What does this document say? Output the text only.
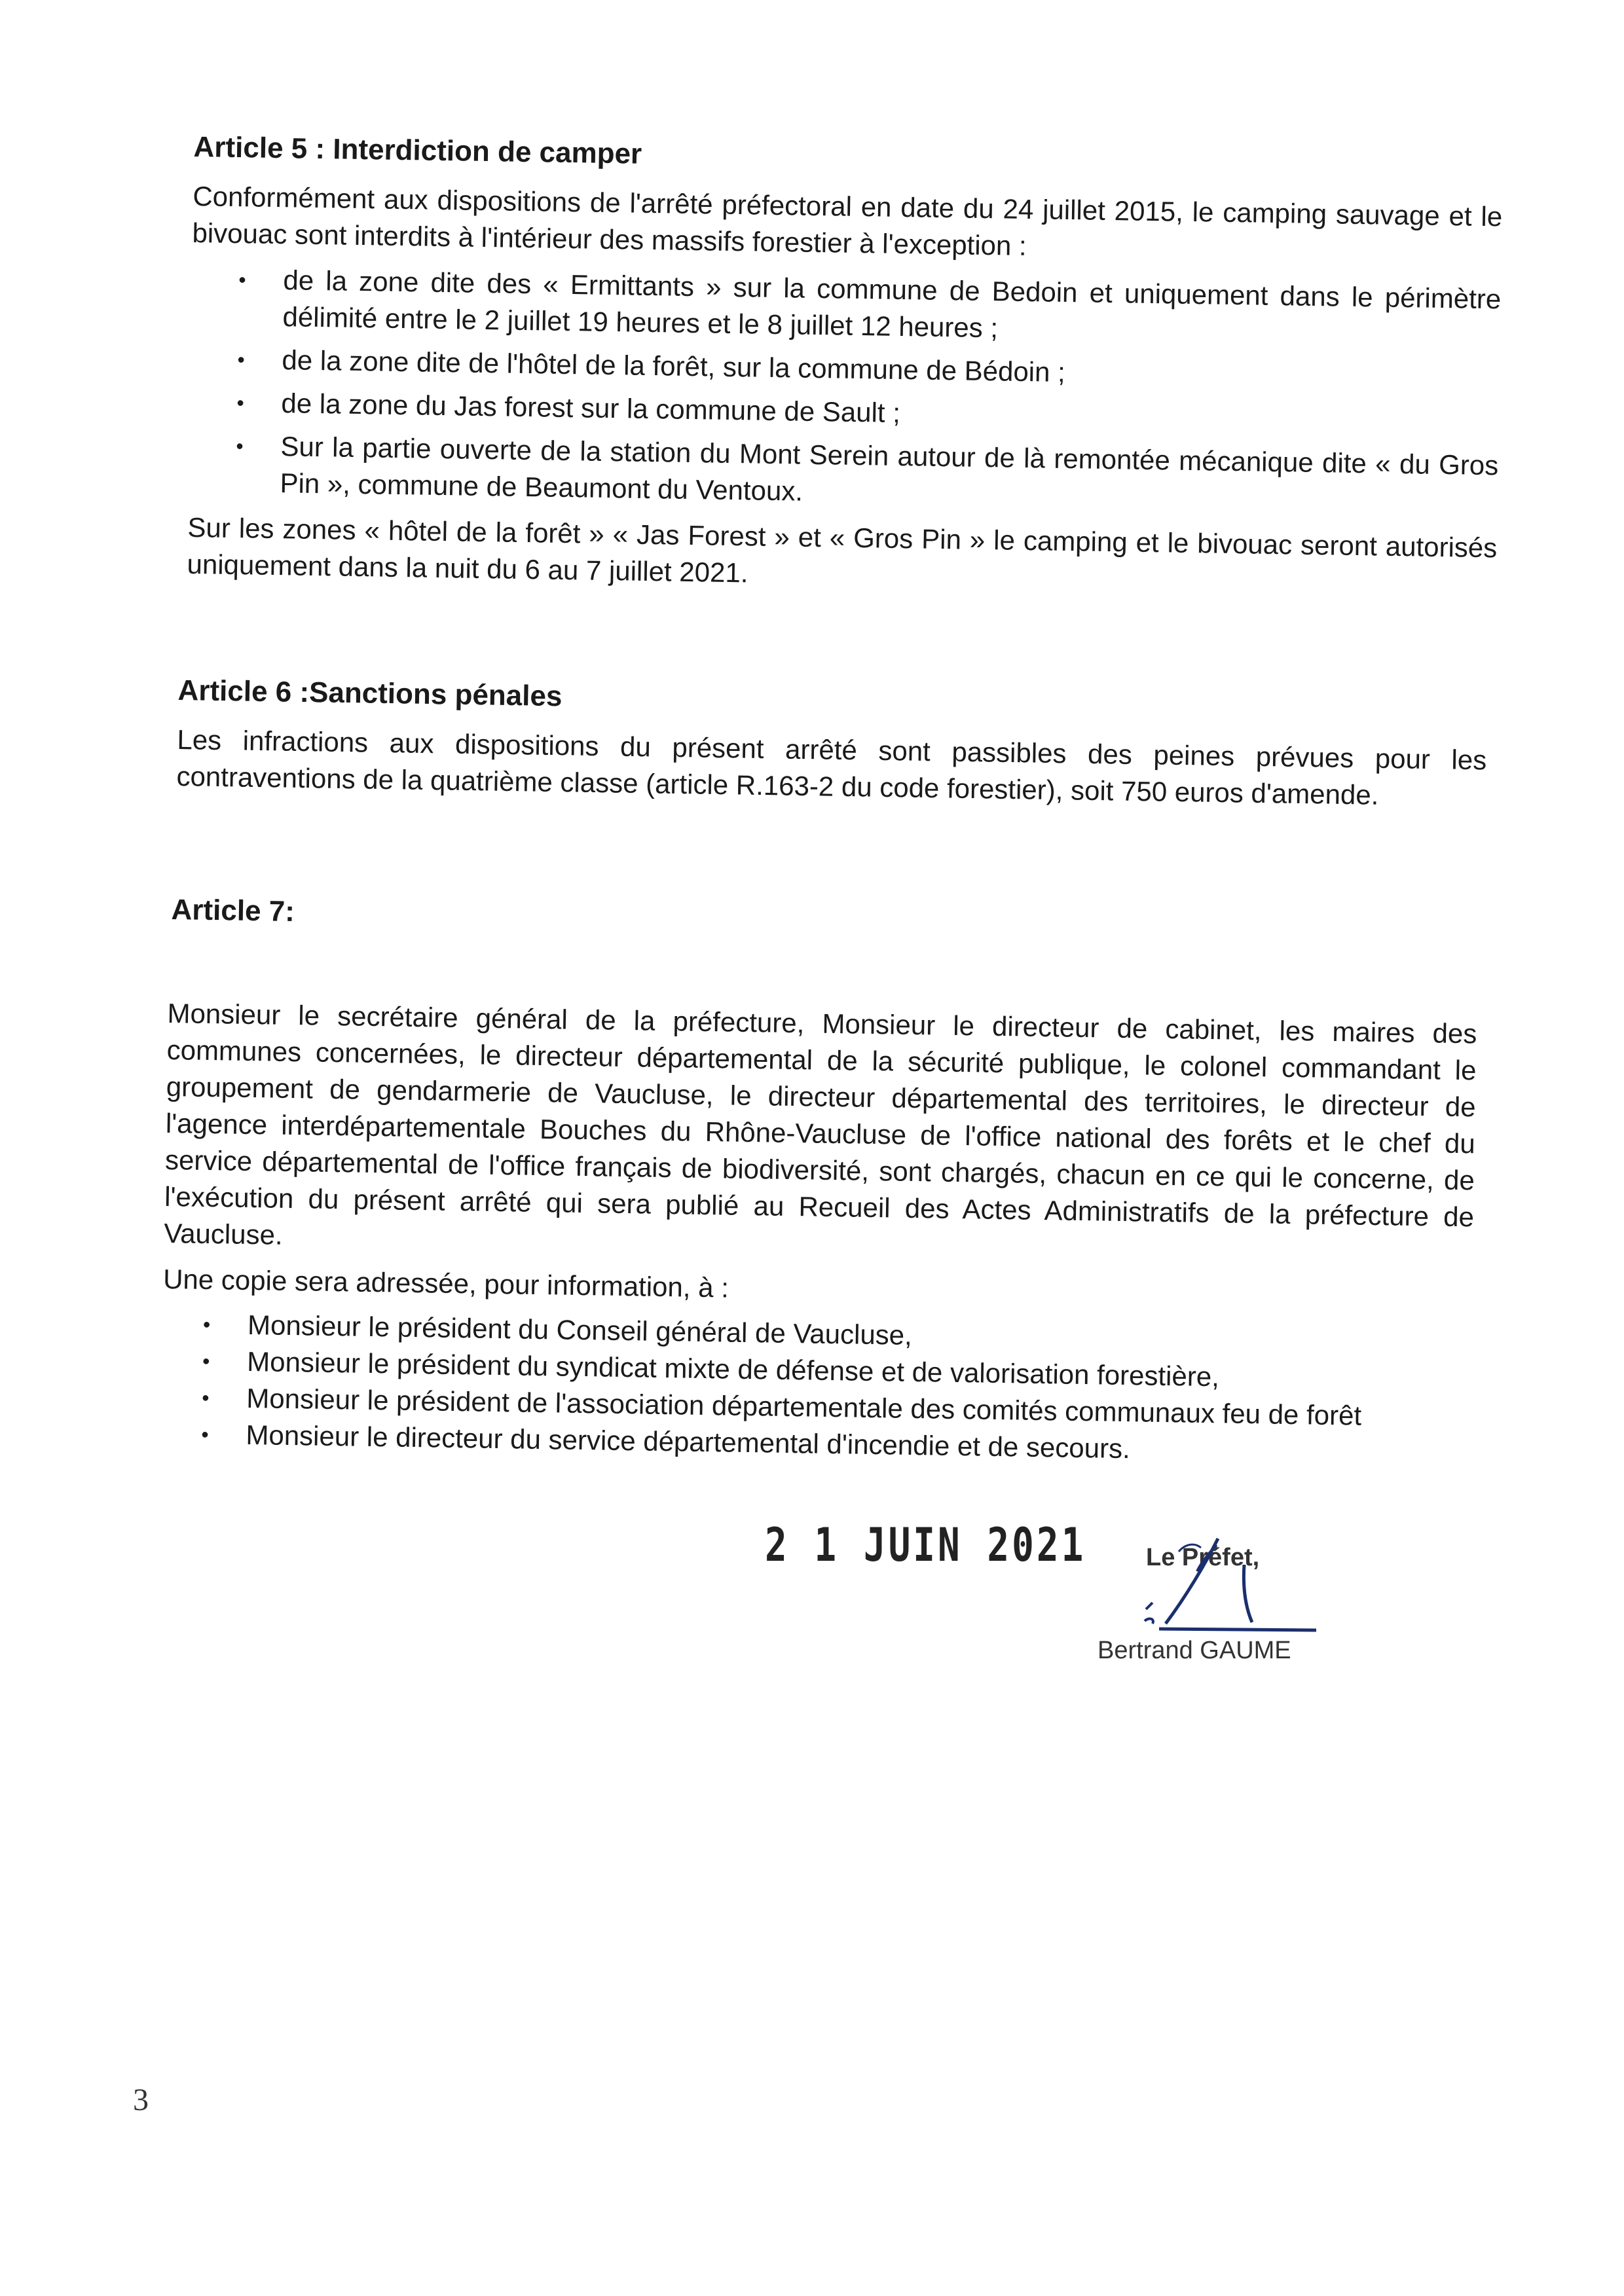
Article 5 : Interdiction de camper

Conformément aux dispositions de l'arrêté préfectoral en date du 24 juillet 2015, le camping sauvage et le bivouac sont interdits à l'intérieur des massifs forestier à l'exception :

• de la zone dite des « Ermittants » sur la commune de Bedoin et uniquement dans le périmètre délimité entre le 2 juillet 19 heures et le 8 juillet 12 heures ;
• de la zone dite de l'hôtel de la forêt, sur la commune de Bédoin ;
• de la zone du Jas forest sur la commune de Sault ;
• Sur la partie ouverte de la station du Mont Serein autour de là remontée mécanique dite « du Gros Pin », commune de Beaumont du Ventoux.

Sur les zones « hôtel de la forêt » « Jas Forest » et « Gros Pin » le camping et le bivouac seront autorisés uniquement dans la nuit du 6 au 7 juillet 2021.

Article 6 :Sanctions pénales

Les infractions aux dispositions du présent arrêté sont passibles des peines prévues pour les contraventions de la quatrième classe (article R.163-2 du code forestier), soit 750 euros d'amende.

Article 7:

Monsieur le secrétaire général de la préfecture, Monsieur le directeur de cabinet, les maires des communes concernées, le directeur départemental de la sécurité publique, le colonel commandant le groupement de gendarmerie de Vaucluse, le directeur départemental des territoires, le directeur de l'agence interdépartementale Bouches du Rhône-Vaucluse de l'office national des forêts et le chef du service départemental de l'office français de biodiversité, sont chargés, chacun en ce qui le concerne, de l'exécution du présent arrêté qui sera publié au Recueil des Actes Administratifs de la préfecture de Vaucluse.

Une copie sera adressée, pour information, à :

• Monsieur le président du Conseil général de Vaucluse,
• Monsieur le président du syndicat mixte de défense et de valorisation forestière,
• Monsieur le président de l'association départementale des comités communaux feu de forêt
• Monsieur le directeur du service départemental d'incendie et de secours.
2 1 JUIN 2021 Le Préfet,
Bertrand GAUME
3
